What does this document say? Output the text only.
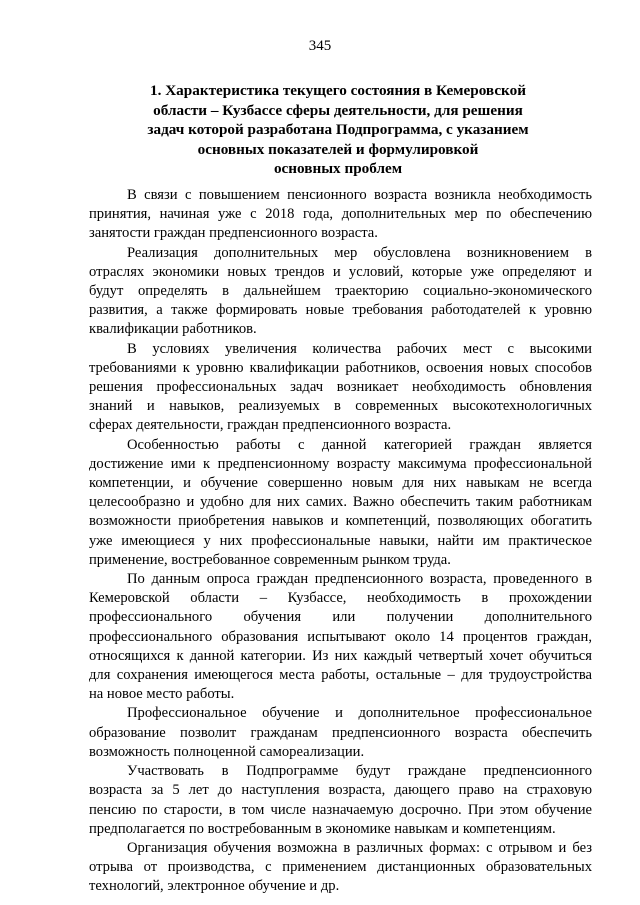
345
1. Характеристика текущего состояния в Кемеровской
области – Кузбассе сферы деятельности, для решения
задач которой разработана Подпрограмма, с указанием
основных показателей и формулировкой
основных проблем
В связи с повышением пенсионного возраста возникла необходимость
принятия, начиная уже с 2018 года, дополнительных мер по обеспечению
занятости граждан предпенсионного возраста.
Реализация дополнительных мер обусловлена возникновением в
отраслях экономики новых трендов и условий, которые уже определяют и
будут определять в дальнейшем траекторию социально-экономического
развития, а также формировать новые требования работодателей к уровню
квалификации работников.
В условиях увеличения количества рабочих мест с высокими
требованиями к уровню квалификации работников, освоения новых способов
решения профессиональных задач возникает необходимость обновления
знаний и навыков, реализуемых в современных высокотехнологичных
сферах деятельности, граждан предпенсионного возраста.
Особенностью работы с данной категорией граждан является
достижение ими к предпенсионному возрасту максимума профессиональной
компетенции, и обучение совершенно новым для них навыкам не всегда
целесообразно и удобно для них самих. Важно обеспечить таким работникам
возможности приобретения навыков и компетенций, позволяющих обогатить
уже имеющиеся у них профессиональные навыки, найти им практическое
применение, востребованное современным рынком труда.
По данным опроса граждан предпенсионного возраста, проведенного в
Кемеровской области – Кузбассе, необходимость в прохождении
профессионального обучения или получении дополнительного
профессионального образования испытывают около 14 процентов граждан,
относящихся к данной категории. Из них каждый четвертый хочет обучиться
для сохранения имеющегося места работы, остальные – для трудоустройства
на новое место работы.
Профессиональное обучение и дополнительное профессиональное
образование позволит гражданам предпенсионного возраста обеспечить
возможность полноценной самореализации.
Участвовать в Подпрограмме будут граждане предпенсионного
возраста за 5 лет до наступления возраста, дающего право на страховую
пенсию по старости, в том числе назначаемую досрочно. При этом обучение
предполагается по востребованным в экономике навыкам и компетенциям.
Организация обучения возможна в различных формах: с отрывом и без
отрыва от производства, с применением дистанционных образовательных
технологий, электронное обучение и др.
